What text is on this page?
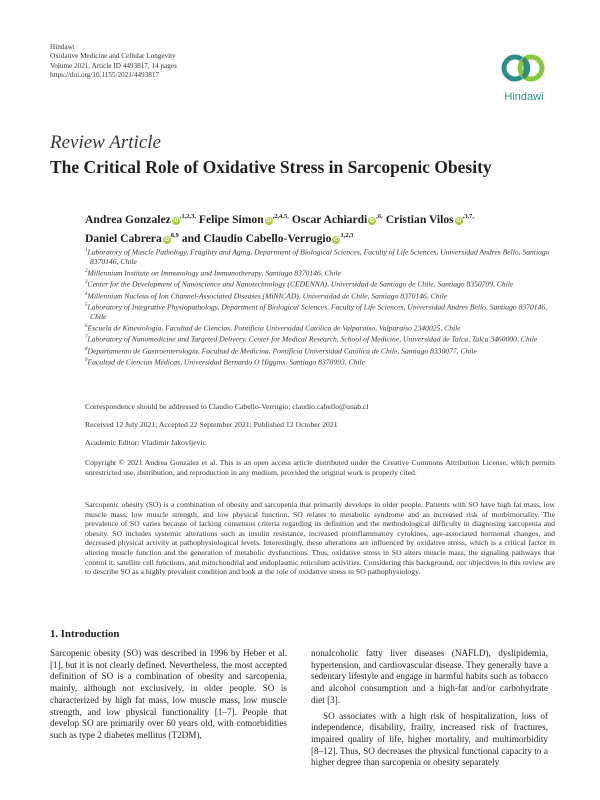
Hindawi
Oxidative Medicine and Cellular Longevity
Volume 2021, Article ID 4493817, 14 pages
https://doi.org/10.1155/2021/4493817
Hindawi
Review Article
The Critical Role of Oxidative Stress in Sarcopenic Obesity
Andrea Gonzalez $iD^{,1,2,3,}$ Felipe Simon $iD^{,2,4,5,}$ Oscar Achiardi $iD^{,6,}$ Cristian Vilos $iD^{,3,7,}$
Daniel Cabrera iD$^{8,9}$ and Claudio Cabello-Verrugio iD$^{1,2,3}$
$^1$Laboratory of Muscle Pathology, Fragility and Aging, Department of Biological Sciences, Faculty of Life Sciences, Universidad Andres Bello, Santiago 8370146, Chile
$^2$Millennium Institute on Immunology and Immunotherapy, Santiago 8370146, Chile
$^3$Center for the Development of Nanoscience and Nanotechnology (CEDENNA), Universidad de Santiago de Chile, Santiago 8350709, Chile
$^4$Millennium Nucleus of Ion Channel-Associated Diseases (MiNICAD), Universidad de Chile, Santiago 8370146, Chile
$^5$Laboratory of Integrative Physiopathology, Department of Biological Sciences, Faculty of Life Sciences, Universidad Andres Bello, Santiago 8370146, Chile
$^6$Escuela de Kinesiología, Facultad de Ciencias, Pontificia Universidad Católica de Valparaíso, Valparaíso 2340025, Chile
$^7$Laboratory of Nanomedicine and Targeted Delivery, Center for Medical Research, School of Medicine, Universidad de Talca, Talca 3460000, Chile
$^8$Departamento de Gastroenterología, Facultad de Medicina, Pontificia Universidad Católica de Chile, Santiago 8330077, Chile
$^9$Facultad de Ciencias Médicas, Universidad Bernardo O Higgins, Santiago 8370993, Chile
Correspondence should be addressed to Claudio Cabello-Verrugio; claudio.cabello@unab.cl
Received 12 July 2021; Accepted 22 September 2021; Published 12 October 2021
Academic Editor: Vladimir Jakovljevic
Copyright © 2021 Andrea Gonzalez et al. This is an open access article distributed under the Creative Commons Attribution License, which permits unrestricted use, distribution, and reproduction in any medium, provided the original work is properly cited.
Sarcopenic obesity (SO) is a combination of obesity and sarcopenia that primarily develops in older people. Patients with SO have high fat mass, low muscle mass, low muscle strength, and low physical function. SO relates to metabolic syndrome and an increased risk of morbimortality. The prevalence of SO varies because of lacking consensus criteria regarding its definition and the methodological difficulty in diagnosing sarcopenia and obesity. SO includes systemic alterations such as insulin resistance, increased proinflammatory cytokines, age-associated hormonal changes, and decreased physical activity at pathophysiological levels. Interestingly, these alterations are influenced by oxidative stress, which is a critical factor in altering muscle function and the generation of metabolic dysfunctions. Thus, oxidative stress in SO alters muscle mass, the signaling pathways that control it, satellite cell functions, and mitochondrial and endoplasmic reticulum activities. Considering this background, our objectives in this review are to describe SO as a highly prevalent condition and look at the role of oxidative stress in SO pathophysiology.
1. Introduction

Sarcopenic obesity (SO) was described in 1996 by Heber et al. [1], but it is not clearly defined. Nevertheless, the most accepted definition of SO is a combination of obesity and sarcopenia, mainly, although not exclusively, in older people. SO is characterized by high fat mass, low muscle mass, low muscle strength, and low physical functionality [1–7]. People that develop SO are primarily over 60 years old, with comorbidities such as type 2 diabetes mellitus (T2DM),

nonalcoholic fatty liver diseases (NAFLD), dyslipidemia, hypertension, and cardiovascular disease. They generally have a sedentary lifestyle and engage in harmful habits such as tobacco and alcohol consumption and a high-fat and/or carbohydrate diet [3].

SO associates with a high risk of hospitalization, loss of independence, disability, frailty, increased risk of fractures, impaired quality of life, higher mortality, and multimorbidity [8–12]. Thus, SO decreases the physical functional capacity to a higher degree than sarcopenia or obesity separately
